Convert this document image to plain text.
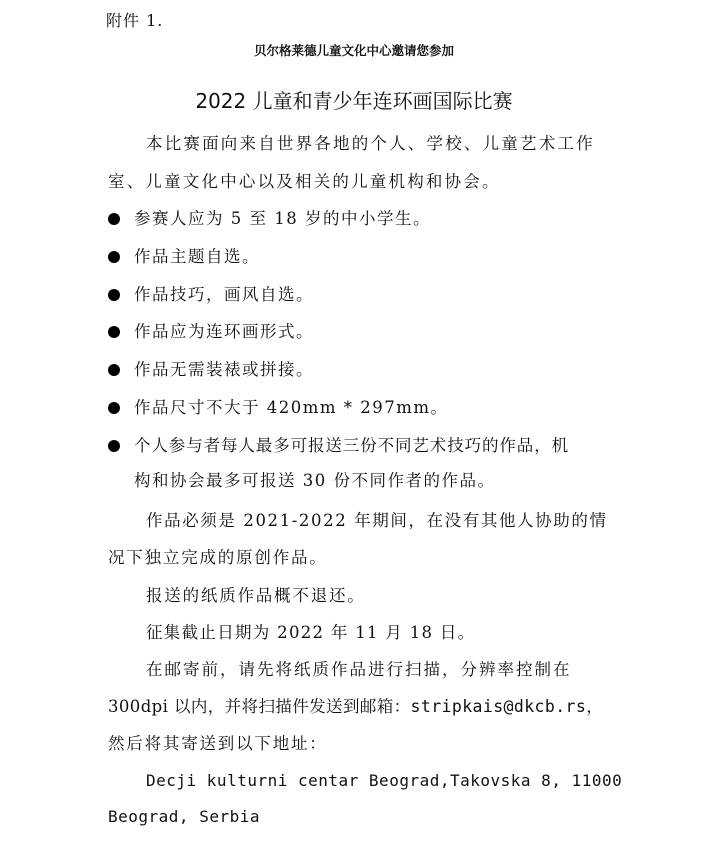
附件 1.
贝尔格莱德儿童文化中心邀请您参加
2022 儿童和青少年连环画国际比赛
本比赛面向来自世界各地的个人、学校、儿童艺术工作
室、儿童文化中心以及相关的儿童机构和协会。
参赛人应为 5 至 18 岁的中小学生。
作品主题自选。
作品技巧，画风自选。
作品应为连环画形式。
作品无需装裱或拼接。
作品尺寸不大于 420mm * 297mm。
个人参与者每人最多可报送三份不同艺术技巧的作品，机
构和协会最多可报送 30 份不同作者的作品。
作品必须是 2021-2022 年期间，在没有其他人协助的情
况下独立完成的原创作品。
报送的纸质作品概不退还。
征集截止日期为 2022 年 11 月 18 日。
在邮寄前，请先将纸质作品进行扫描，分辨率控制在
300dpi 以内，并将扫描件发送到邮箱：stripkais@dkcb.rs，
然后将其寄送到以下地址：
Decji kulturni centar Beograd,Takovska 8, 11000
Beograd, Serbia
